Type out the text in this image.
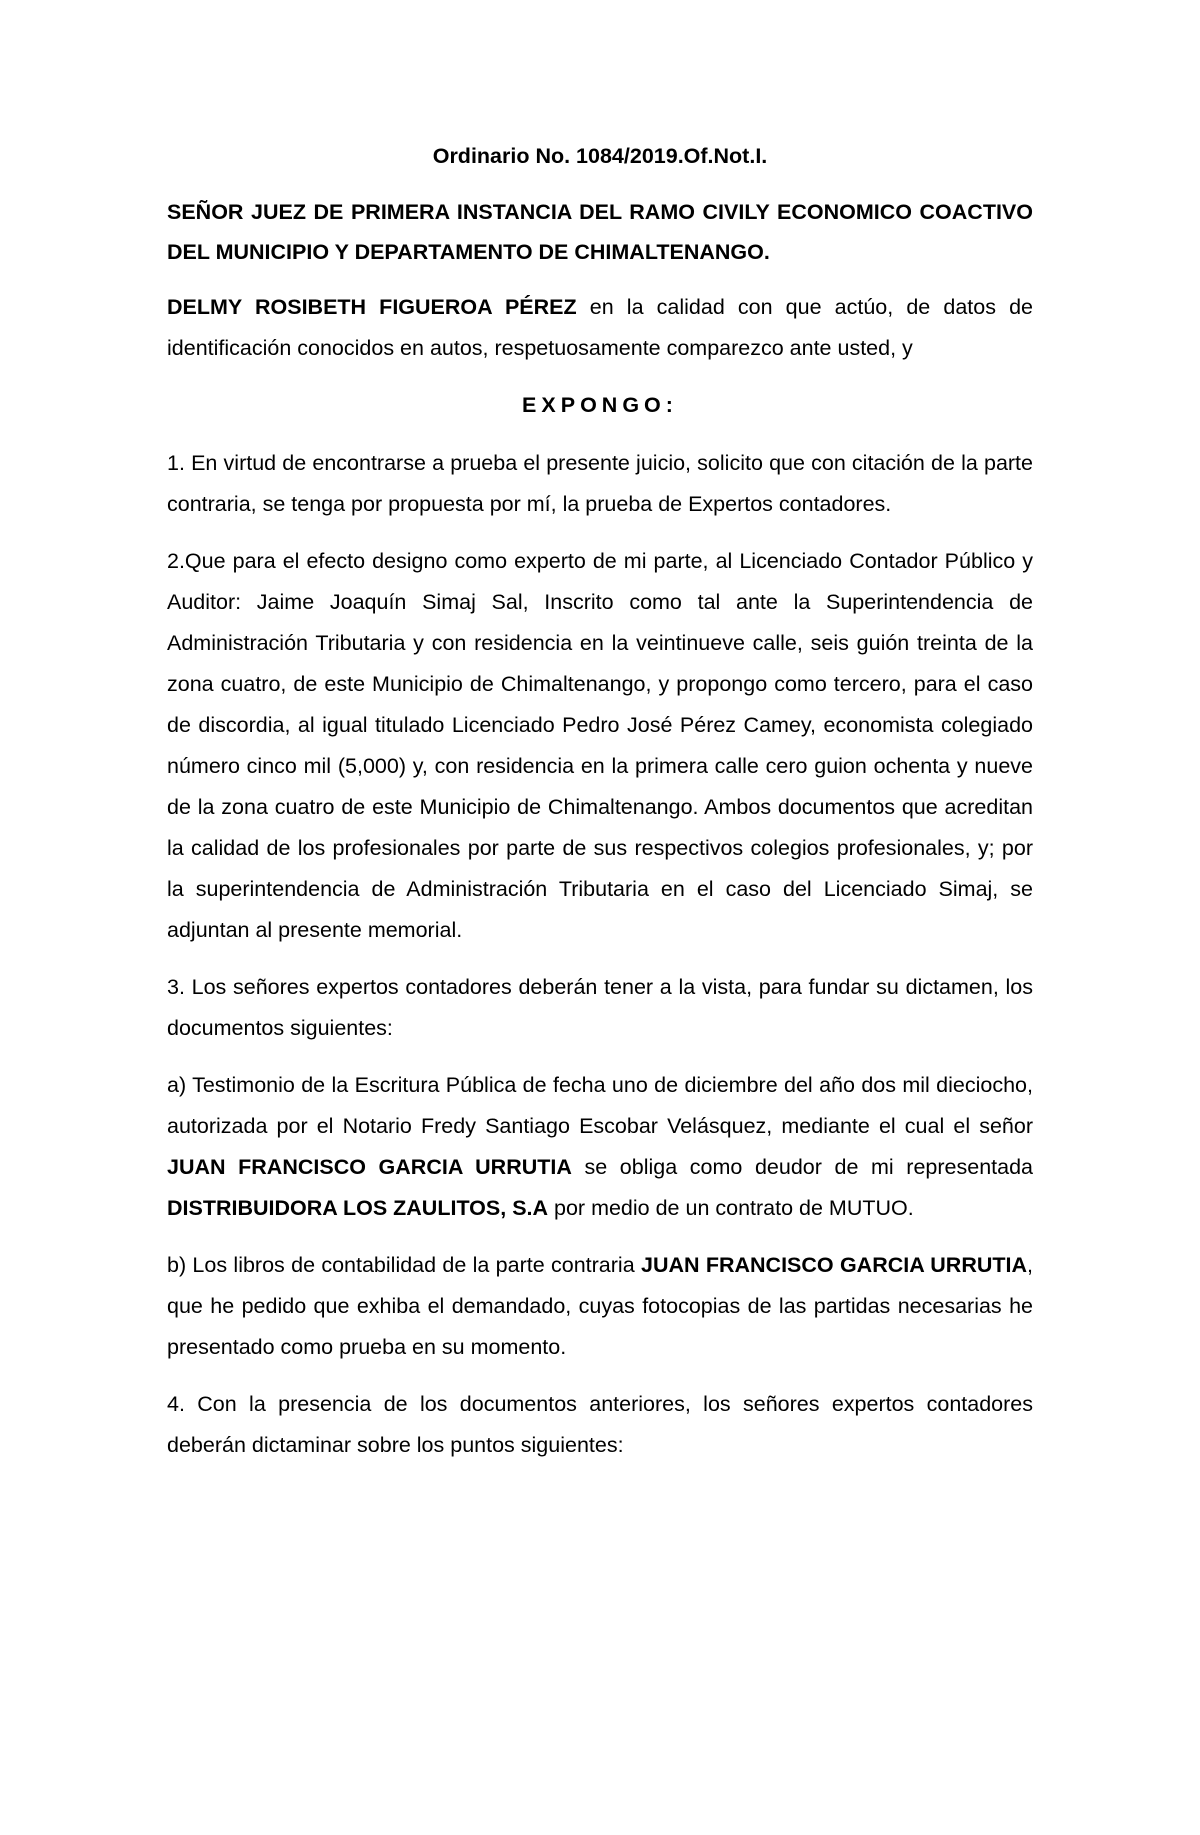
Ordinario No. 1084/2019.Of.Not.I.

SEÑOR JUEZ DE PRIMERA INSTANCIA DEL RAMO CIVILY ECONOMICO COACTIVO DEL MUNICIPIO Y DEPARTAMENTO DE CHIMALTENANGO.

DELMY ROSIBETH FIGUEROA PÉREZ en la calidad con que actúo, de datos de identificación conocidos en autos, respetuosamente comparezco ante usted, y

EXPONGO:

1. En virtud de encontrarse a prueba el presente juicio, solicito que con citación de la parte contraria, se tenga por propuesta por mí, la prueba de Expertos contadores.

2.Que para el efecto designo como experto de mi parte, al Licenciado Contador Público y Auditor: Jaime Joaquín Simaj Sal, Inscrito como tal ante la Superintendencia de Administración Tributaria y con residencia en la veintinueve calle, seis guión treinta de la zona cuatro, de este Municipio de Chimaltenango, y propongo como tercero, para el caso de discordia, al igual titulado Licenciado Pedro José Pérez Camey, economista colegiado número cinco mil (5,000) y, con residencia en la primera calle cero guion ochenta y nueve de la zona cuatro de este Municipio de Chimaltenango. Ambos documentos que acreditan la calidad de los profesionales por parte de sus respectivos colegios profesionales, y; por la superintendencia de Administración Tributaria en el caso del Licenciado Simaj, se adjuntan al presente memorial.

3. Los señores expertos contadores deberán tener a la vista, para fundar su dictamen, los documentos siguientes:

a) Testimonio de la Escritura Pública de fecha uno de diciembre del año dos mil dieciocho, autorizada por el Notario Fredy Santiago Escobar Velásquez, mediante el cual el señor JUAN FRANCISCO GARCIA URRUTIA se obliga como deudor de mi representada DISTRIBUIDORA LOS ZAULITOS, S.A por medio de un contrato de MUTUO.

b) Los libros de contabilidad de la parte contraria JUAN FRANCISCO GARCIA URRUTIA, que he pedido que exhiba el demandado, cuyas fotocopias de las partidas necesarias he presentado como prueba en su momento.

4. Con la presencia de los documentos anteriores, los señores expertos contadores deberán dictaminar sobre los puntos siguientes:
